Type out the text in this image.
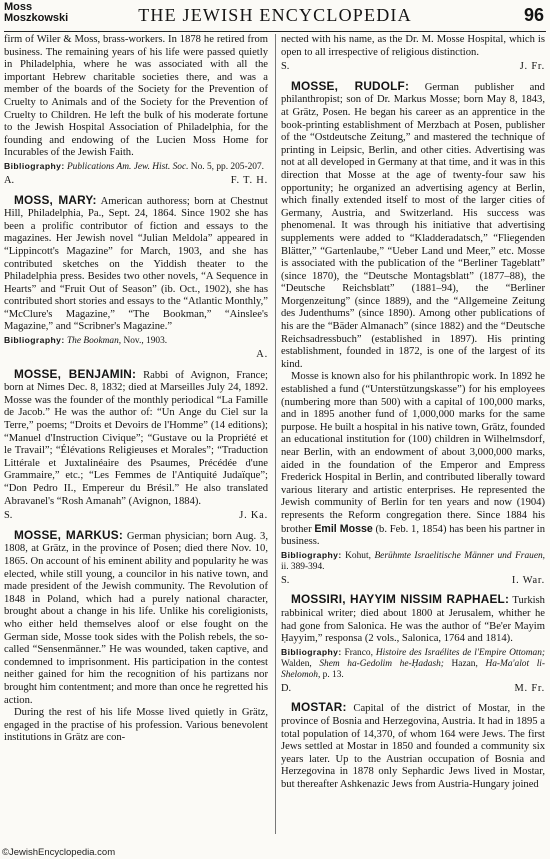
Moss
Moszkowski	THE JEWISH ENCYCLOPEDIA	96

firm of Wiler & Moss, brass-workers. In 1878 he retired from business. The remaining years of his life were passed quietly in Philadelphia, where he was associated with all the important Hebrew charitable societies there, and was a member of the boards of the Society for the Prevention of Cruelty to Animals and of the Society for the Prevention of Cruelty to Children. He left the bulk of his moderate fortune to the Jewish Hospital Association of Philadelphia, for the founding and endowing of the Lucien Moss Home for Incurables of the Jewish Faith.

Bibliography: Publications Am. Jew. Hist. Soc. No. 5, pp. 205-207.
A.	F. T. H.

MOSS, MARY: American authoress; born at Chestnut Hill, Philadelphia, Pa., Sept. 24, 1864. Since 1902 she has been a prolific contributor of fiction and essays to the magazines. Her Jewish novel “Julian Meldola” appeared in “Lippincott's Magazine” for March, 1903, and she has contributed sketches on the Yiddish theater to the Philadelphia press. Besides two other novels, “A Sequence in Hearts” and “Fruit Out of Season” (ib. Oct., 1902), she has contributed short stories and essays to the “Atlantic Monthly,” “McClure's Magazine,” “The Bookman,” “Ainslee's Magazine,” and “Scribner's Magazine.”

Bibliography: The Bookman, Nov., 1903.
A.

MOSSE, BENJAMIN: Rabbi of Avignon, France; born at Nimes Dec. 8, 1832; died at Marseilles July 24, 1892. Mosse was the founder of the monthly periodical “La Famille de Jacob.” He was the author of: “Un Ange du Ciel sur la Terre,” poems; “Droits et Devoirs de l'Homme” (14 editions); “Manuel d'Instruction Civique”; “Gustave ou la Propriété et le Travail”; “Élévations Religieuses et Morales”; “Traduction Littérale et Juxtalinéaire des Psaumes, Précédée d'une Grammaire,” etc.; “Les Femmes de l'Antiquité Judaïque”; “Don Pedro II., Empereur du Brésil.” He also translated Abravanel's “Rosh Amanah” (Avignon, 1884).

S.	J. Ka.

MOSSE, MARKUS: German physician; born Aug. 3, 1808, at Grätz, in the province of Posen; died there Nov. 10, 1865. On account of his eminent ability and popularity he was elected, while still young, a councilor in his native town, and made president of the Jewish community. The Revolution of 1848 in Poland, which had a purely national character, brought about a change in his life. Unlike his coreligionists, who either held themselves aloof or else fought on the German side, Mosse took sides with the Polish rebels, the so-called “Sensenmänner.” He was wounded, taken captive, and condemned to imprisonment. His participation in the contest neither gained for him the recognition of his partizans nor brought him contentment; and more than once he regretted his action.

During the rest of his life Mosse lived quietly in Grätz, engaged in the practise of his profession. Various benevolent institutions in Grätz are con-

nected with his name, as the Dr. M. Mosse Hospital, which is open to all irrespective of religious distinction.

S.	J. Fr.

MOSSE, RUDOLF: German publisher and philanthropist; son of Dr. Markus Mosse; born May 8, 1843, at Grätz, Posen. He began his career as an apprentice in the book-printing establishment of Merzbach at Posen, publisher of the “Ostdeutsche Zeitung,” and mastered the technique of printing in Leipsic, Berlin, and other cities. Advertising was not at all developed in Germany at that time, and it was in this direction that Mosse at the age of twenty-four saw his opportunity; he organized an advertising agency at Berlin, which finally extended itself to most of the larger cities of Germany, Austria, and Switzerland. His success was phenomenal. It was through his initiative that advertising supplements were added to “Kladderadatsch,” “Fliegenden Blätter,” “Gartenlaube,” “Ueber Land und Meer,” etc. Mosse is associated with the publication of the “Berliner Tageblatt” (since 1870), the “Deutsche Montagsblatt” (1877–88), the “Deutsche Reichsblatt” (1881–94), the “Berliner Morgenzeitung” (since 1889), and the “Allgemeine Zeitung des Judenthums” (since 1890). Among other publications of his are the “Bäder Almanach” (since 1882) and the “Deutsche Reichsadressbuch” (established in 1897). His printing establishment, founded in 1872, is one of the largest of its kind.

Mosse is known also for his philanthropic work. In 1892 he established a fund (“Unterstützungskasse”) for his employees (numbering more than 500) with a capital of 100,000 marks, and in 1895 another fund of 1,000,000 marks for the same purpose. He built a hospital in his native town, Grätz, founded an educational institution for (100) children in Wilhelmsdorf, near Berlin, with an endowment of about 3,000,000 marks, aided in the foundation of the Emperor and Empress Frederick Hospital in Berlin, and contributed liberally toward various literary and artistic enterprises. He represented the Jewish community of Berlin for ten years and now (1904) represents the Reform congregation there. Since 1884 his brother Emil Mosse (b. Feb. 1, 1854) has been his partner in business.

Bibliography: Kohut, Berühmte Israelitische Männer und Frauen, ii. 389-394.
S.	I. War.

MOSSIRI, HAYYIM NISSIM RAPHAEL: Turkish rabbinical writer; died about 1800 at Jerusalem, whither he had gone from Salonica. He was the author of “Be'er Mayim Ḥayyim,” responsa (2 vols., Salonica, 1764 and 1814).

Bibliography: Franco, Histoire des Israélites de l'Empire Ottoman; Walden, Shem ha-Gedolim he-Ḥadash; Hazan, Ha-Ma'alot li-Shelomoh, p. 13.
D.	M. Fr.

MOSTAR: Capital of the district of Mostar, in the province of Bosnia and Herzegovina, Austria. It had in 1895 a total population of 14,370, of whom 164 were Jews. The first Jews settled at Mostar in 1850 and founded a community six years later. Up to the Austrian occupation of Bosnia and Herzegovina in 1878 only Sephardic Jews lived in Mostar, but thereafter Ashkenazic Jews from Austria-Hungary joined

©JewishEncyclopedia.com
